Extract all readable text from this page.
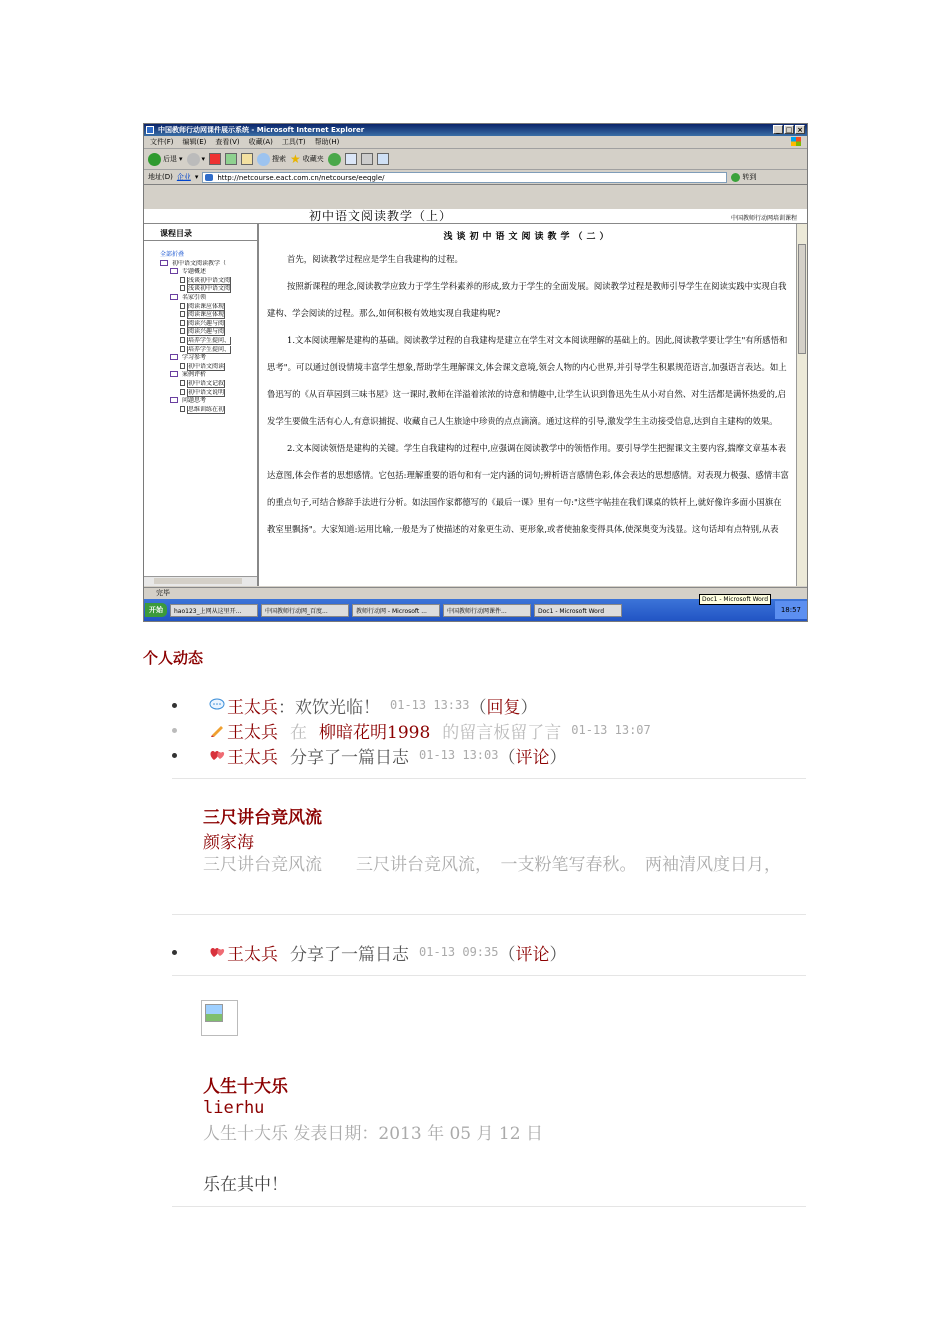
中国教师行动网课件展示系统 - Microsoft Internet Explorer	_ □ ×
文件(F) 编辑(E) 查看(V) 收藏(A) 工具(T) 帮助(H)
后退 ▾	▾	搜索 ★ 收藏夹
地址(D) 企业 ▾	http://netcourse.eact.com.cn/netcourse/eeqgle/	转到
初中语文阅读教学（上）	中国教师行动网培训课程
课程目录
全部折叠
初中语文阅读教学（
专题概述
浅谈初中语文阅
浅谈初中语文阅
名家引领
阅读课应体现
阅读课应体现
阅读兴趣与阅
阅读兴趣与阅
培养学生提问、
培养学生提问、
学习参考
初中语文阅读
案例评析
初中语文记叙
初中语文说明
问题思考
思维训练在初
浅谈初中语文阅读教学（二）

首先，阅读教学过程应是学生自我建构的过程。

按照新课程的理念,阅读教学应致力于学生学科素养的形成,致力于学生的全面发展。阅读教学过程是教师引导学生在阅读实践中实现自我建构、学会阅读的过程。那么,如何积极有效地实现自我建构呢?

1.文本阅读理解是建构的基础。阅读教学过程的自我建构是建立在学生对文本阅读理解的基础上的。因此,阅读教学要让学生"有所感悟和思考"。可以通过创设情境丰富学生想象,帮助学生理解课文,体会课文意境,领会人物的内心世界,并引导学生积累规范语言,加强语言表达。如上鲁迅写的《从百草园到三味书屋》这一课时,教师在洋溢着浓浓的诗意和情趣中,让学生认识到鲁迅先生从小对自然、对生活都是满怀热爱的,启发学生要做生活有心人,有意识捕捉、收藏自己人生旅途中珍贵的点点滴滴。通过这样的引导,激发学生主动接受信息,达到自主建构的效果。

2.文本阅读领悟是建构的关键。学生自我建构的过程中,应强调在阅读教学中的领悟作用。要引导学生把握课文主要内容,揣摩文章基本表达意图,体会作者的思想感情。它包括:理解重要的语句和有一定内涵的词句;辨析语言感情色彩,体会表达的思想感情。对表现力极强、感情丰富的重点句子,可结合修辞手法进行分析。如法国作家都德写的《最后一课》里有一句:"这些字帖挂在我们课桌的铁杆上,就好像许多面小国旗在教室里飘扬"。大家知道:运用比喻,一般是为了使描述的对象更生动、更形象,或者使抽象变得具体,使深奥变为浅显。这句话却有点特别,从表

完毕
开始	hao123_上网从这里开...	中国教师行动网_百度...	教师行动网 - Microsoft ...	中国教师行动网课件...	Doc1 - Microsoft Word	18:57
Doc1 - Microsoft Word
个人动态
王太兵 ：欢饮光临！ 01-13 13:33 （ 回复 ）
王太兵 在 柳暗花明1998 的留言板留了言 01-13 13:07
王太兵 分享了一篇日志 01-13 13:03 （ 评论 ）
三尺讲台竞风流
颜家海
三尺讲台竞风流　　三尺讲台竞风流，　一支粉笔写春秋。　两袖清风度日月，
王太兵 分享了一篇日志 01-13 09:35 （ 评论 ）
人生十大乐
lierhu
人生十大乐 发表日期：2013 年 05 月 12 日
乐在其中！
